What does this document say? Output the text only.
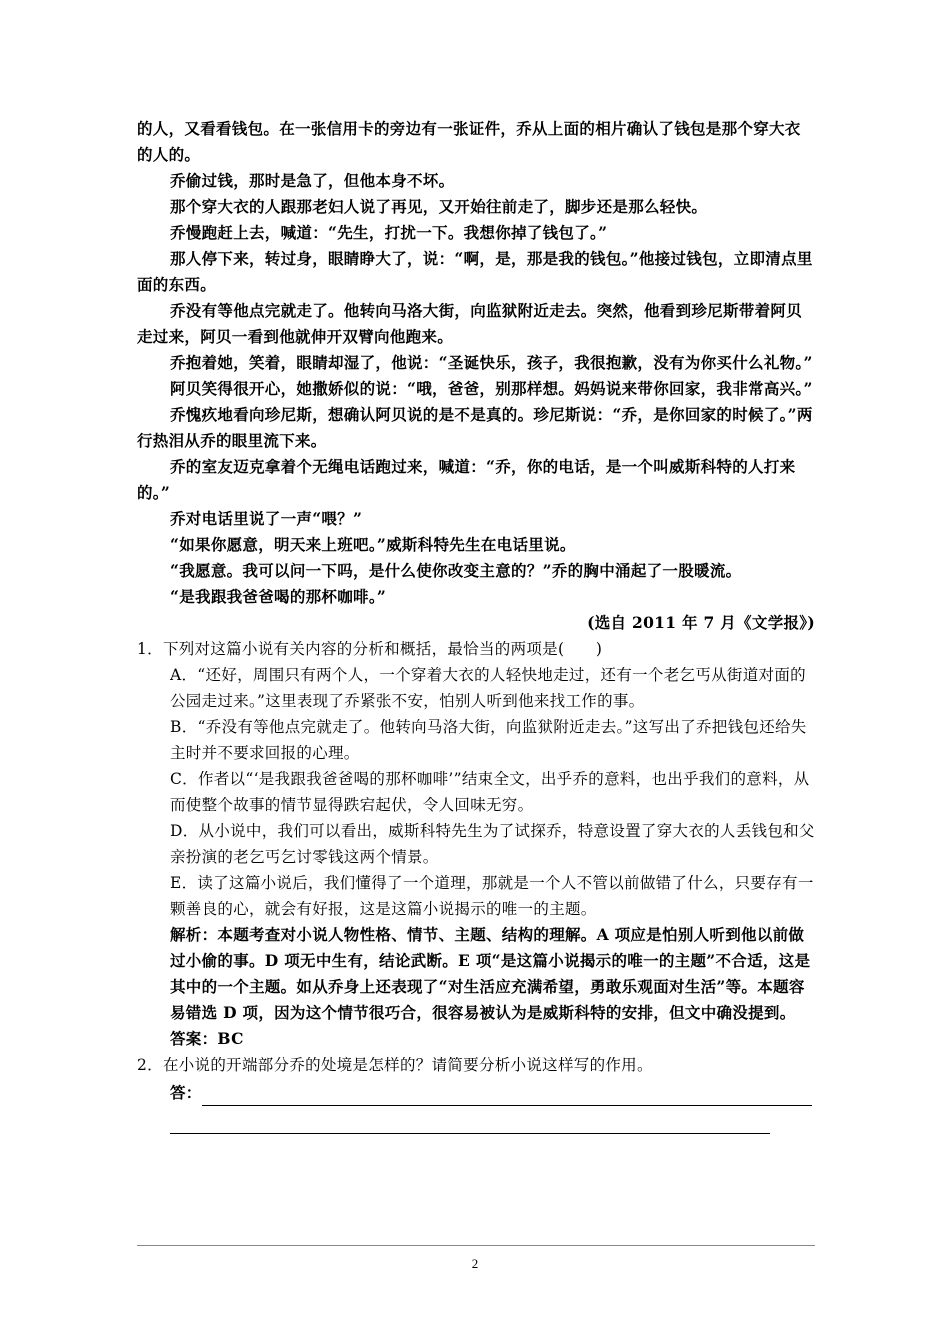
的人，又看看钱包。在一张信用卡的旁边有一张证件，乔从上面的相片确认了钱包是那个穿大衣的人的。

乔偷过钱，那时是急了，但他本身不坏。

那个穿大衣的人跟那老妇人说了再见，又开始往前走了，脚步还是那么轻快。

乔慢跑赶上去，喊道：“先生，打扰一下。我想你掉了钱包了。”

那人停下来，转过身，眼睛睁大了，说：“啊，是，那是我的钱包。”他接过钱包，立即清点里面的东西。

乔没有等他点完就走了。他转向马洛大街，向监狱附近走去。突然，他看到珍尼斯带着阿贝走过来，阿贝一看到他就伸开双臂向他跑来。

乔抱着她，笑着，眼睛却湿了，他说：“圣诞快乐，孩子，我很抱歉，没有为你买什么礼物。”

阿贝笑得很开心，她撒娇似的说：“哦，爸爸，别那样想。妈妈说来带你回家，我非常高兴。”

乔愧疚地看向珍尼斯，想确认阿贝说的是不是真的。珍尼斯说：“乔，是你回家的时候了。”两行热泪从乔的眼里流下来。

乔的室友迈克拿着个无绳电话跑过来，喊道：“乔，你的电话，是一个叫威斯科特的人打来的。”

乔对电话里说了一声“喂？”

“如果你愿意，明天来上班吧。”威斯科特先生在电话里说。

“我愿意。我可以问一下吗，是什么使你改变主意的？”乔的胸中涌起了一股暖流。

“是我跟我爸爸喝的那杯咖啡。”

(选自 2011 年 7 月《文学报》)

1．下列对这篇小说有关内容的分析和概括，最恰当的两项是(　　)

A．“还好，周围只有两个人，一个穿着大衣的人轻快地走过，还有一个老乞丐从街道对面的公园走过来。”这里表现了乔紧张不安，怕别人听到他来找工作的事。

B．“乔没有等他点完就走了。他转向马洛大街，向监狱附近走去。”这写出了乔把钱包还给失主时并不要求回报的心理。

C．作者以“‘是我跟我爸爸喝的那杯咖啡’”结束全文，出乎乔的意料，也出乎我们的意料，从而使整个故事的情节显得跌宕起伏，令人回味无穷。

D．从小说中，我们可以看出，威斯科特先生为了试探乔，特意设置了穿大衣的人丢钱包和父亲扮演的老乞丐乞讨零钱这两个情景。

E．读了这篇小说后，我们懂得了一个道理，那就是一个人不管以前做错了什么，只要存有一颗善良的心，就会有好报，这是这篇小说揭示的唯一的主题。

解析：本题考查对小说人物性格、情节、主题、结构的理解。A 项应是怕别人听到他以前做过小偷的事。D 项无中生有，结论武断。E 项“是这篇小说揭示的唯一的主题”不合适，这是其中的一个主题。如从乔身上还表现了“对生活应充满希望，勇敢乐观面对生活”等。本题容易错选 D 项，因为这个情节很巧合，很容易被认为是威斯科特的安排，但文中确没提到。

答案：BC

2．在小说的开端部分乔的处境是怎样的？请简要分析小说这样写的作用。

答：

2
